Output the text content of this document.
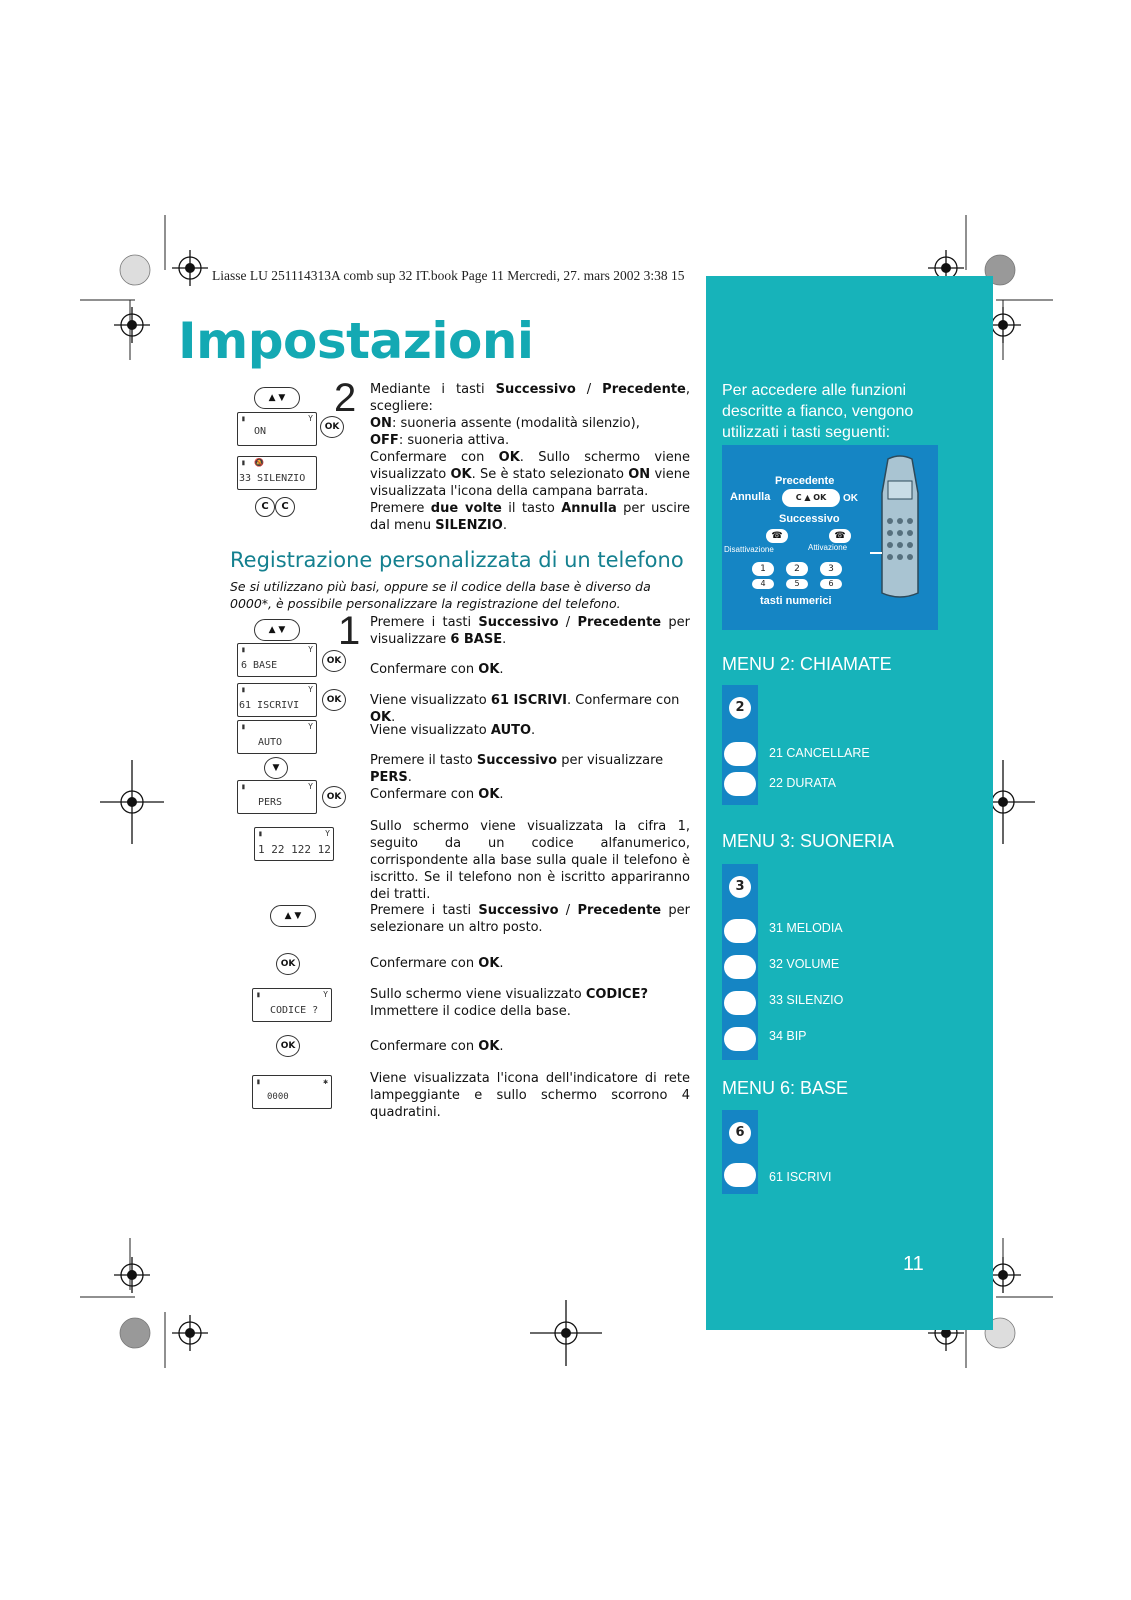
Liasse LU 251114313A comb sup 32 IT.book Page 11 Mercredi, 27. mars 2002 3:38 15
Impostazioni
▲ ▼
▮	Y
ON	OK
▮ 🔕
33 SILENZIO
C	C
2 Mediante i tasti Successivo / Precedente, scegliere:
ON: suoneria assente (modalità silenzio),
OFF: suoneria attiva.
Confermare con OK. Sullo schermo viene visualizzato OK. Se è stato selezionato ON viene visualizzata l'icona della campana barrata.
Premere due volte il tasto Annulla per uscire dal menu SILENZIO.
Registrazione personalizzata di un telefono
Se si utilizzano più basi, oppure se il codice della base è diverso da 0000*, è possibile personalizzare la registrazione del telefono.
1
▲ ▼
▮	Y
6 BASE	OK
▮	Y
61 ISCRIVI	OK
▮	Y
AUTO
▼
▮	Y
PERS	OK
▮	Y
1 22 122 12
▲ ▼
OK
▮	Y
CODICE ?
OK
▮	✱
0000
Premere i tasti Successivo / Precedente per visualizzare 6 BASE.
Confermare con OK.
Viene visualizzato 61 ISCRIVI. Confermare con OK.
Viene visualizzato AUTO.
Premere il tasto Successivo per visualizzare PERS.
Confermare con OK.
Sullo schermo viene visualizzata la cifra 1, seguito da un codice alfanumerico, corrispondente alla base sulla quale il telefono è iscritto. Se il telefono non è iscritto appariranno dei tratti.
Premere i tasti Successivo / Precedente per selezionare un altro posto.
Confermare con OK.
Sullo schermo viene visualizzato CODICE?
Immettere il codice della base.
Confermare con OK.
Viene visualizzata l'icona dell'indicatore di rete lampeggiante e sullo schermo scorrono 4 quadratini.
Per accedere alle funzioni descritte a fianco, vengono utilizzati i tasti seguenti:
Precedente
Annulla	C ▲ OK	OK
Successivo
☎	☎
Disattivazione	Attivazione
1	2	3
4	5	6
tasti numerici
MENU 2: CHIAMATE
2
21 CANCELLARE
22 DURATA
MENU 3: SUONERIA
3
31 MELODIA
32 VOLUME
33 SILENZIO
34 BIP
MENU 6: BASE
6
61 ISCRIVI
11
